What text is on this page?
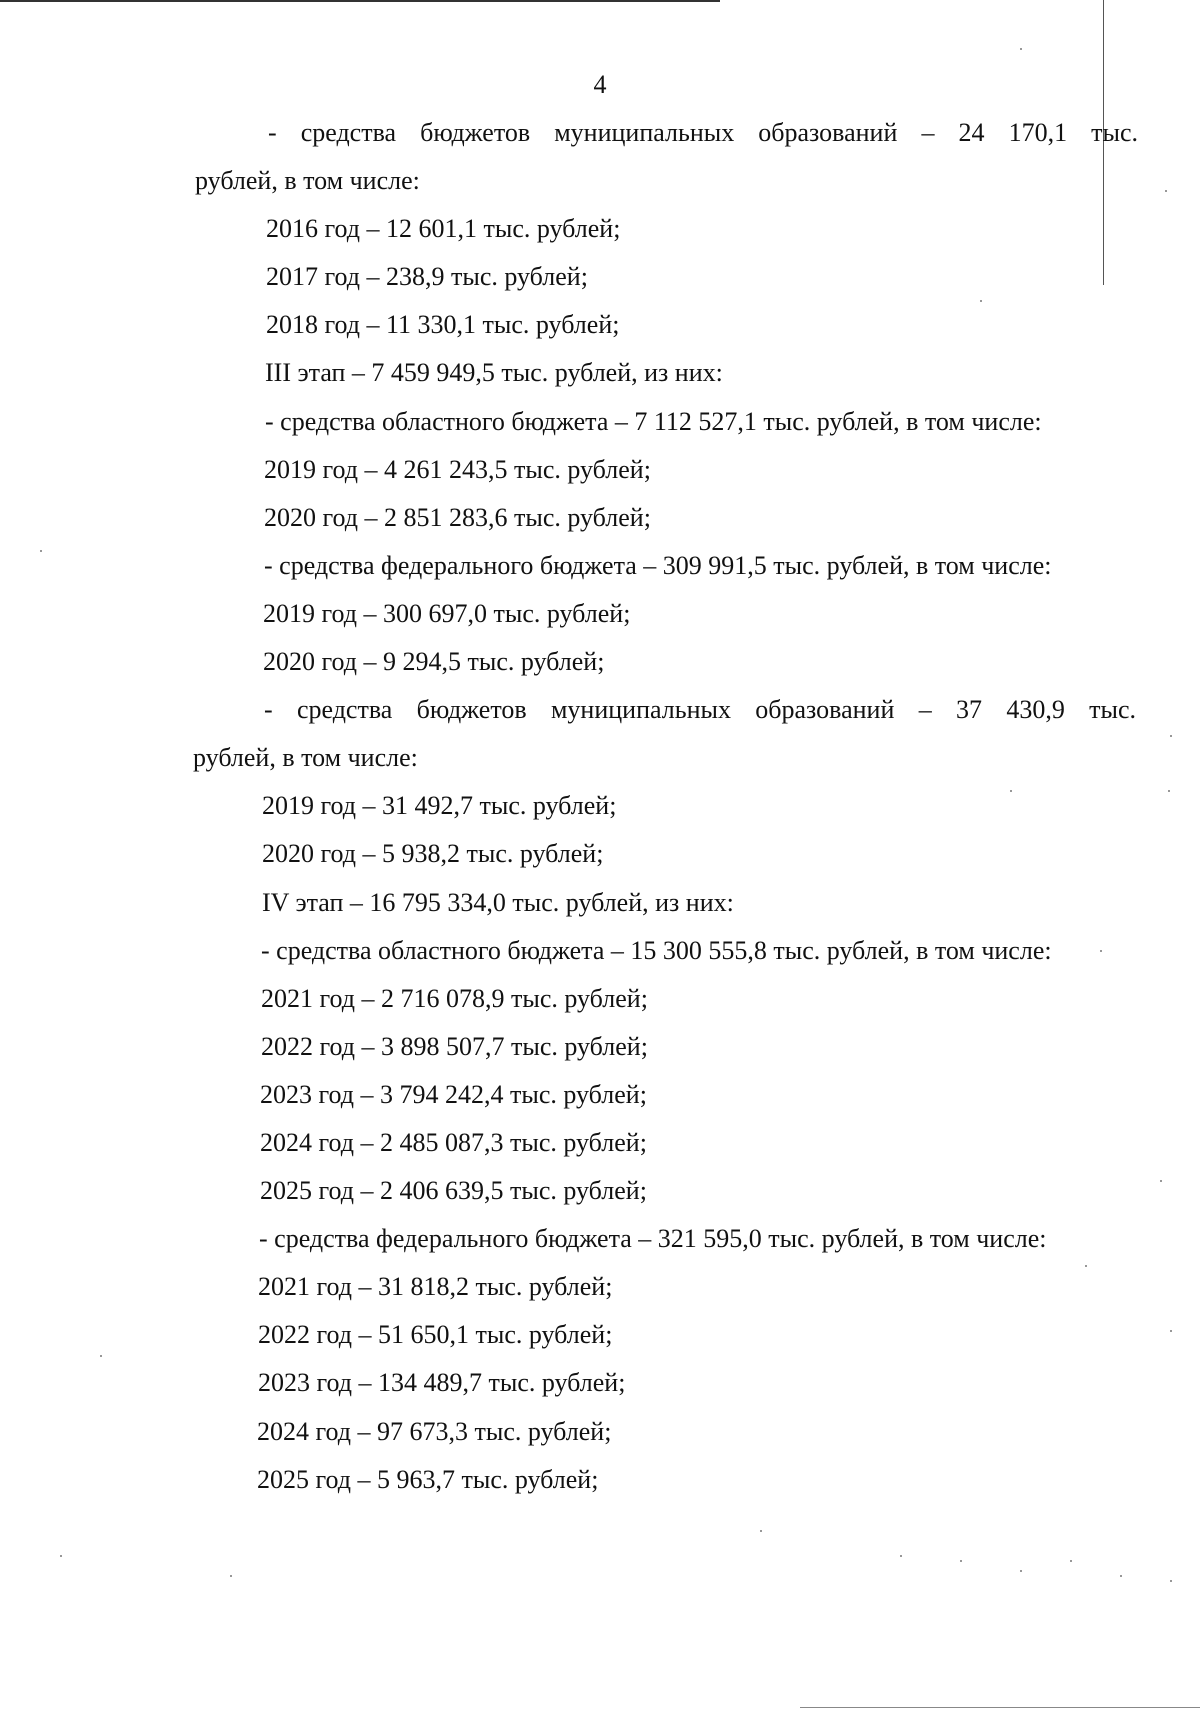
4
- средства бюджетов муниципальных образований – 24 170,1 тыс.
рублей, в том числе:
2016 год – 12 601,1 тыс. рублей;
2017 год – 238,9 тыс. рублей;
2018 год – 11 330,1 тыс. рублей;
III этап – 7 459 949,5 тыс. рублей, из них:
- средства областного бюджета – 7 112 527,1 тыс. рублей, в том числе:
2019 год – 4 261 243,5 тыс. рублей;
2020 год – 2 851 283,6 тыс. рублей;
- средства федерального бюджета – 309 991,5 тыс. рублей, в том числе:
2019 год – 300 697,0 тыс. рублей;
2020 год – 9 294,5 тыс. рублей;
- средства бюджетов муниципальных образований – 37 430,9 тыс.
рублей, в том числе:
2019 год – 31 492,7 тыс. рублей;
2020 год – 5 938,2 тыс. рублей;
IV этап – 16 795 334,0 тыс. рублей, из них:
- средства областного бюджета – 15 300 555,8 тыс. рублей, в том числе:
2021 год – 2 716 078,9 тыс. рублей;
2022 год – 3 898 507,7 тыс. рублей;
2023 год – 3 794 242,4 тыс. рублей;
2024 год – 2 485 087,3 тыс. рублей;
2025 год – 2 406 639,5 тыс. рублей;
- средства федерального бюджета – 321 595,0 тыс. рублей, в том числе:
2021 год – 31 818,2 тыс. рублей;
2022 год – 51 650,1 тыс. рублей;
2023 год – 134 489,7 тыс. рублей;
2024 год – 97 673,3 тыс. рублей;
2025 год – 5 963,7 тыс. рублей;
